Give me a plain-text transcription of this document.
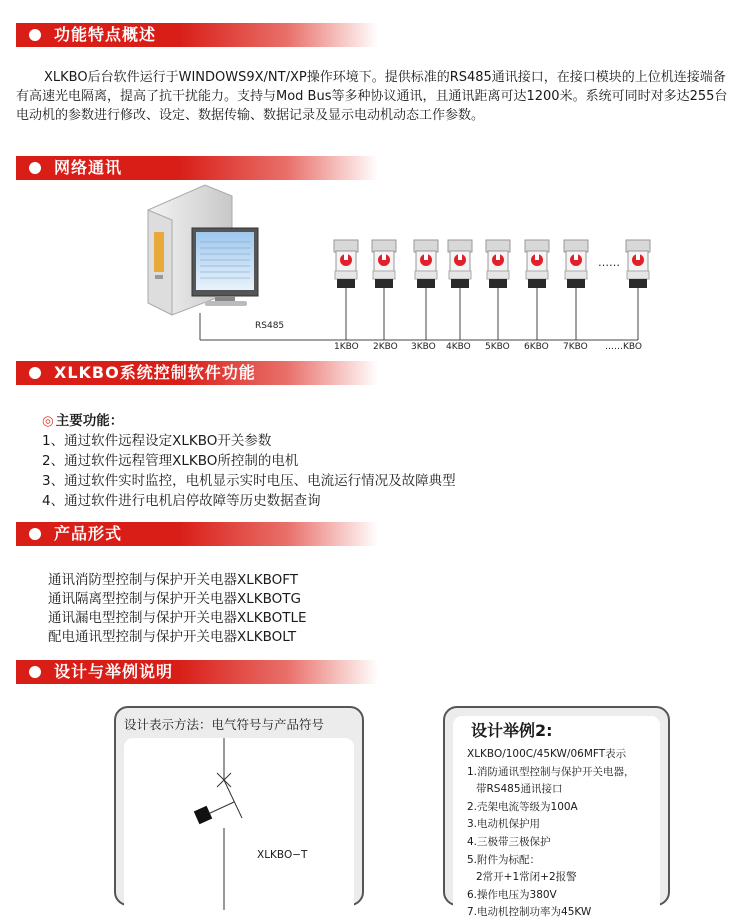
功能特点概述
网络通讯
XLKBO系统控制软件功能
产品形式
设计与举例说明

XLKBO后台软件运行于WINDOWS9X/NT/XP操作环境下。提供标准的RS485通讯接口，在接口模块的上位机连接端备有高速光电隔离，提高了抗干扰能力。支持与Mod Bus等多种协议通讯，且通讯距离可达1200米。系统可同时对多达255台电动机的参数进行修改、设定、数据传输、数据记录及显示电动机动态工作参数。

RS485
……
1KBO 2KBO 3KBO 4KBO 5KBO 6KBO 7KBO ……KBO
◎ 主要功能：
1、通过软件远程设定XLKBO开关参数
2、通过软件远程管理XLKBO所控制的电机
3、通过软件实时监控，电机显示实时电压、电流运行情况及故障典型
4、通过软件进行电机启停故障等历史数据查询
通讯消防型控制与保护开关电器XLKBOFT
通讯隔离型控制与保护开关电器XLKBOTG
通讯漏电型控制与保护开关电器XLKBOTLE
配电通讯型控制与保护开关电器XLKBOLT
设计表示方法：电气符号与产品符号
XLKBO−T
设计举例2:
XLKBO/100C/45KW/06MFT表示
1.消防通讯型控制与保护开关电器，
带RS485通讯接口
2.壳架电流等级为100A
3.电动机保护用
4.三极带三极保护
5.附件为标配：
2常开+1常闭+2报警
6.操作电压为380V
7.电动机控制功率为45KW
